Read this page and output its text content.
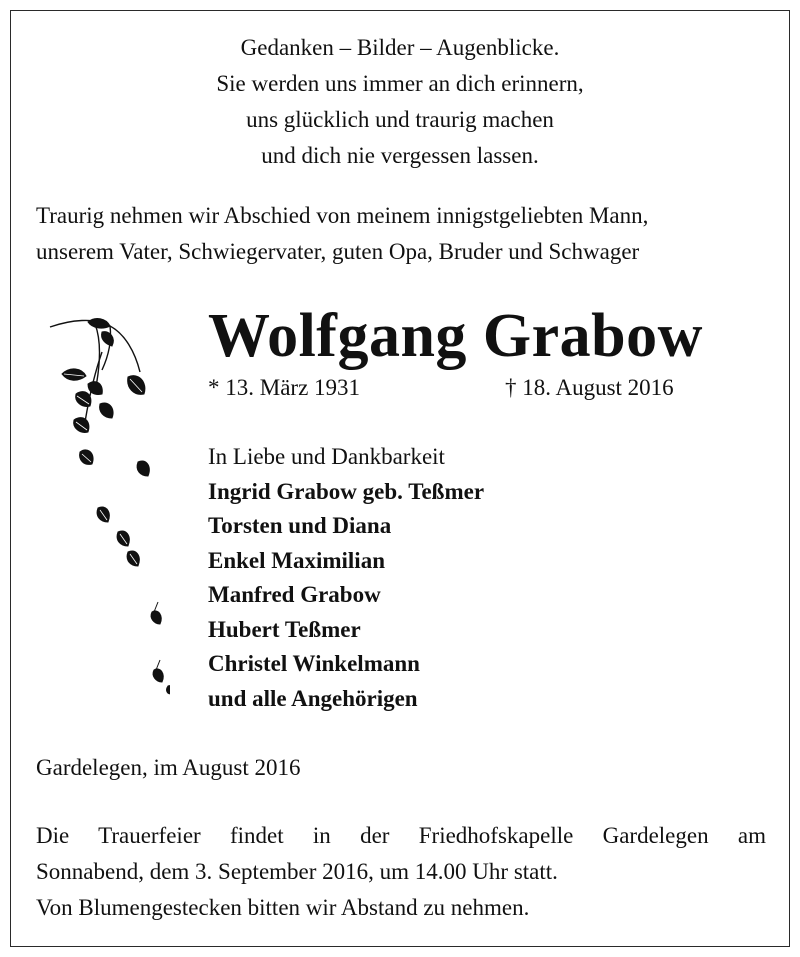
Gedanken – Bilder – Augenblicke.
Sie werden uns immer an dich erinnern,
uns glücklich und traurig machen
und dich nie vergessen lassen.
Traurig nehmen wir Abschied von meinem innigstgeliebten Mann,
unserem Vater, Schwiegervater, guten Opa, Bruder und Schwager
Wolfgang Grabow
* 13. März 1931	† 18. August 2016
In Liebe und Dankbarkeit
Ingrid Grabow geb. Teßmer
Torsten und Diana
Enkel Maximilian
Manfred Grabow
Hubert Teßmer
Christel Winkelmann
und alle Angehörigen
Gardelegen, im August 2016
Die Trauerfeier findet in der Friedhofskapelle Gardelegen am
Sonnabend, dem 3. September 2016, um 14.00 Uhr statt.
Von Blumengestecken bitten wir Abstand zu nehmen.
